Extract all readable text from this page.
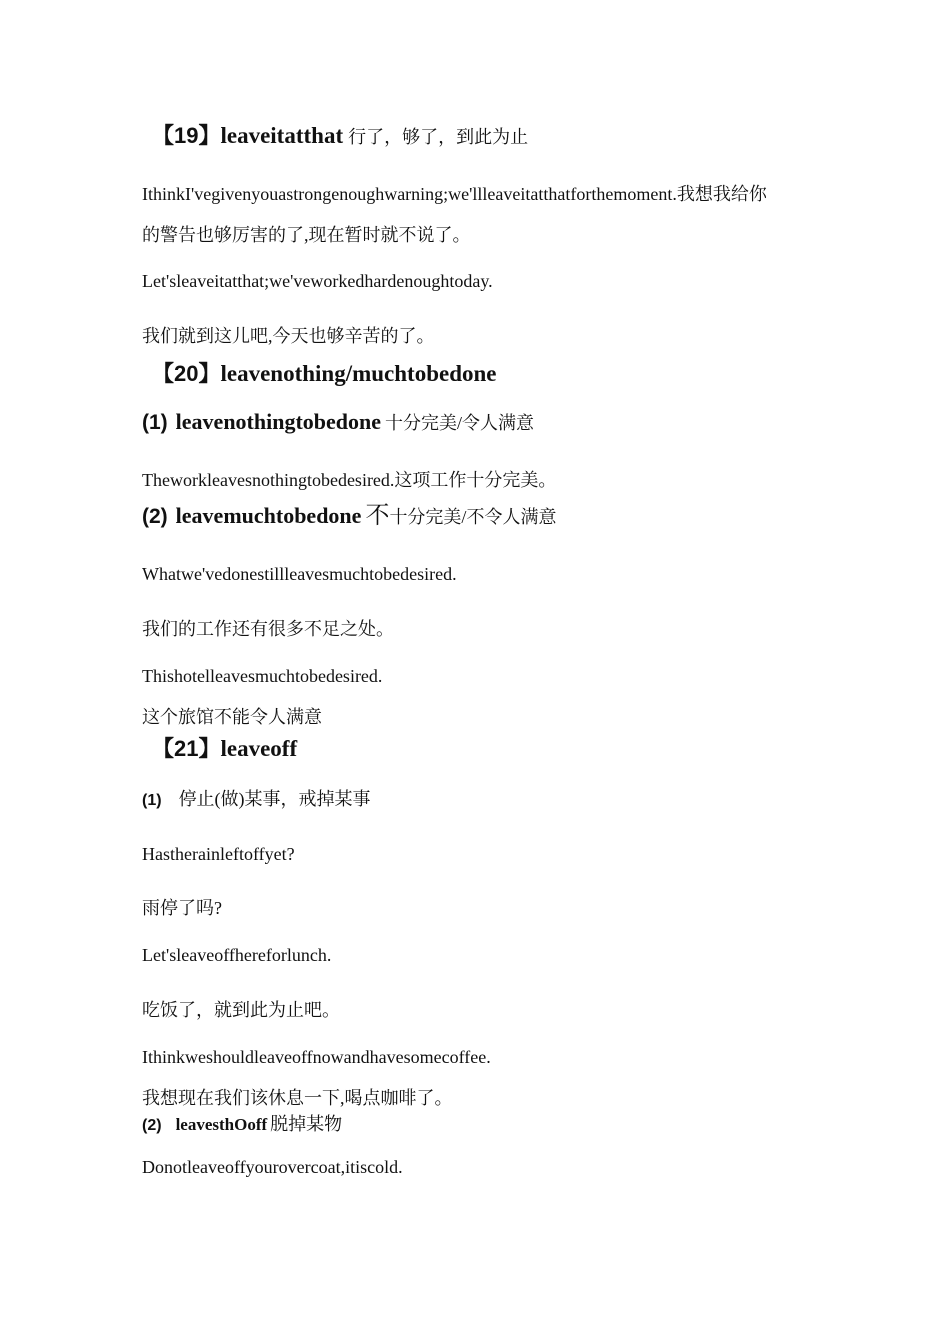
【19】leaveitatthat 行了，够了，到此为止
IthinkI'vegivenyouastrongenoughwarning;we'llleaveitatthatforthemoment.我想我给你
的警告也够厉害的了,现在暂时就不说了。
Let'sleaveitatthat;we'veworkedhardenoughtoday.
我们就到这儿吧,今天也够辛苦的了。
【20】leavenothing/muchtobedone
(1) leavenothingtobedone 十分完美/令人满意
Theworkleavesnothingtobedesired.这项工作十分完美。
(2) leavemuchtobedone 不十分完美/不令人满意
Whatwe'vedonestillleavesmuchtobedesired.
我们的工作还有很多不足之处。
Thishotelleavesmuchtobedesired.
这个旅馆不能令人满意
【21】leaveoff
(1) 停止(做)某事，戒掉某事
Hastherainleftoffyet?
雨停了吗?
Let'sleaveoffhereforlunch.
吃饭了，就到此为止吧。
Ithinkweshouldleaveoffnowandhavesomecoffee.
我想现在我们该休息一下,喝点咖啡了。
(2) leavesthOoff 脱掉某物
Donotleaveoffyourovercoat,itiscold.
